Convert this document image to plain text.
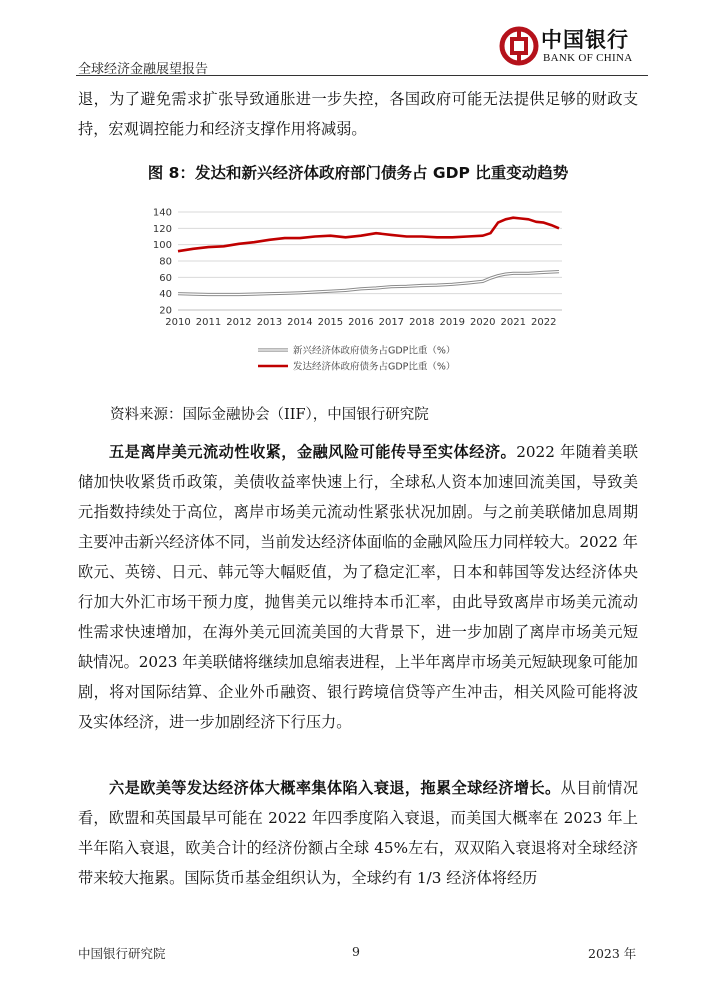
全球经济金融展望报告
中国银行
BANK OF CHINA

退，为了避免需求扩张导致通胀进一步失控，各国政府可能无法提供足够的财政支持，宏观调控能力和经济支撑作用将减弱。

图 8：发达和新兴经济体政府部门债务占 GDP 比重变动趋势
20
40
60
80
100
120
140
2010 2011 2012 2013 2014 2015 2016 2017 2018 2019 2020 2021 2022
新兴经济体政府债务占GDP比重（%）
发达经济体政府债务占GDP比重（%）
资料来源：国际金融协会（IIF），中国银行研究院

五是离岸美元流动性收紧，金融风险可能传导至实体经济。2022 年随着美联储加快收紧货币政策，美债收益率快速上行，全球私人资本加速回流美国，导致美元指数持续处于高位，离岸市场美元流动性紧张状况加剧。与之前美联储加息周期主要冲击新兴经济体不同，当前发达经济体面临的金融风险压力同样较大。2022 年欧元、英镑、日元、韩元等大幅贬值，为了稳定汇率，日本和韩国等发达经济体央行加大外汇市场干预力度，抛售美元以维持本币汇率，由此导致离岸市场美元流动性需求快速增加，在海外美元回流美国的大背景下，进一步加剧了离岸市场美元短缺情况。2023 年美联储将继续加息缩表进程，上半年离岸市场美元短缺现象可能加剧，将对国际结算、企业外币融资、银行跨境信贷等产生冲击，相关风险可能将波及实体经济，进一步加剧经济下行压力。

六是欧美等发达经济体大概率集体陷入衰退，拖累全球经济增长。从目前情况看，欧盟和英国最早可能在 2022 年四季度陷入衰退，而美国大概率在 2023 年上半年陷入衰退，欧美合计的经济份额占全球 45%左右，双双陷入衰退将对全球经济带来较大拖累。国际货币基金组织认为，全球约有 1/3 经济体将经历

中国银行研究院	9	2023 年
